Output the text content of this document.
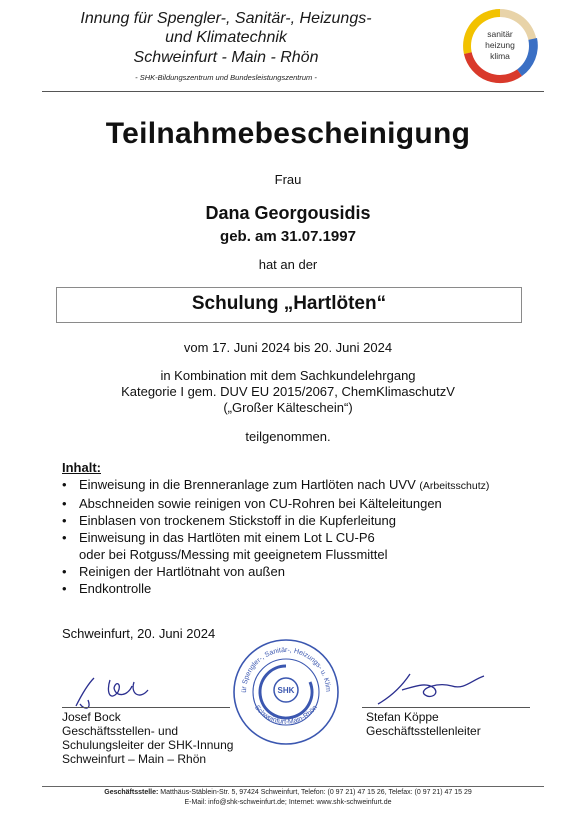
Innung für Spengler-, Sanitär-, Heizungs-
und Klimatechnik
Schweinfurt - Main - Rhön
- SHK-Bildungszentrum und Bundesleistungszentrum -
sanitär
heizung
klima
Teilnahmebescheinigung
Frau
Dana Georgousidis
geb. am 31.07.1997
hat an der
Schulung „Hartlöten“
vom 17. Juni 2024 bis 20. Juni 2024
in Kombination mit dem Sachkundelehrgang
Kategorie I gem. DUV EU 2015/2067, ChemKlimaschutzV
(„Großer Kälteschein“)
teilgenommen.
Inhalt:
• Einweisung in die Brenneranlage zum Hartlöten nach UVV (Arbeitsschutz)
• Abschneiden sowie reinigen von CU-Rohren bei Kälteleitungen
• Einblasen von trockenem Stickstoff in die Kupferleitung
• Einweisung in das Hartlöten mit einem Lot L CU-P6
oder bei Rotguss/Messing mit geeignetem Flussmittel
• Reinigen der Hartlötnaht von außen
• Endkontrolle
Schweinfurt, 20. Juni 2024
Josef Bock
Geschäftsstellen- und
Schulungsleiter der SHK-Innung
Schweinfurt – Main – Rhön
Stefan Köppe
Geschäftsstellenleiter
ür Spengler-, Sanitär-, Heizungs- u. Klim
Schweinfurt-Main-Rhön
SHK
Geschäftsstelle: Matthäus-Stäblein-Str. 5, 97424 Schweinfurt, Telefon: (0 97 21) 47 15 26, Telefax: (0 97 21) 47 15 29
E-Mail: info@shk-schweinfurt.de; Internet: www.shk-schweinfurt.de
